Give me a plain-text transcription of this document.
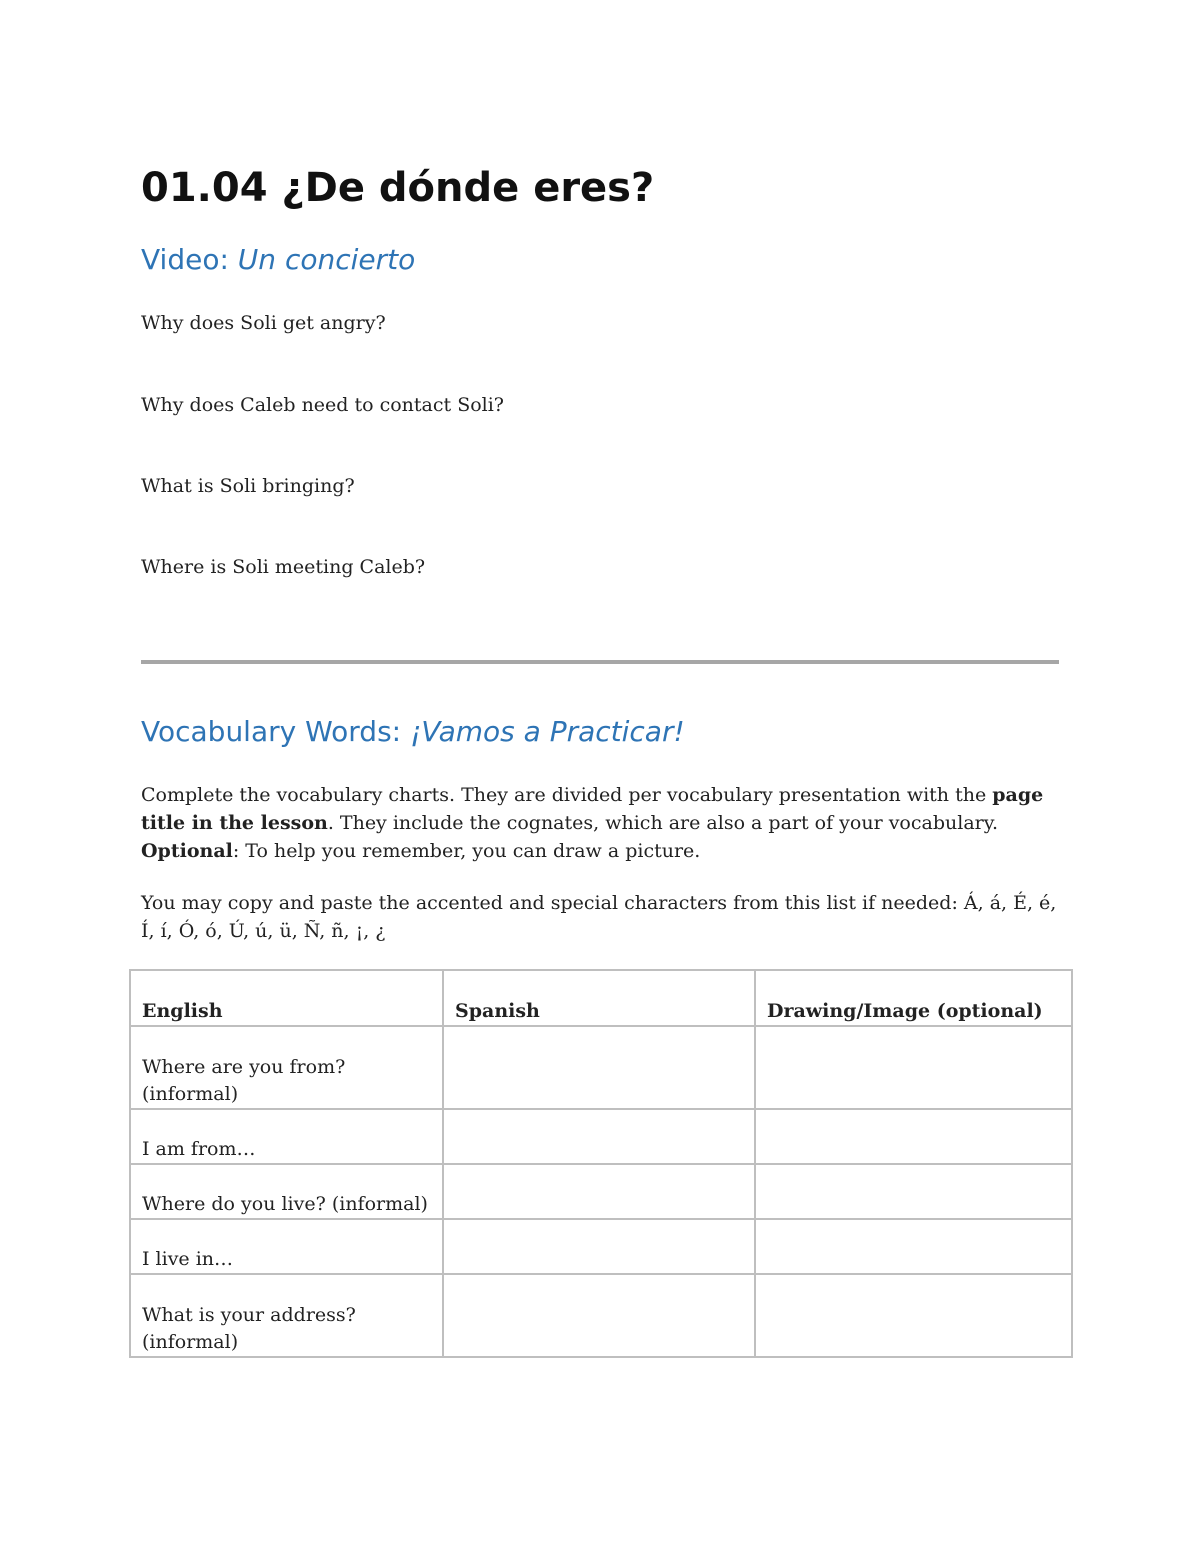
01.04 ¿De dónde eres?
Video: Un concierto

Why does Soli get angry?

Why does Caleb need to contact Soli?

What is Soli bringing?

Where is Soli meeting Caleb?

Vocabulary Words: ¡Vamos a Practicar!

Complete the vocabulary charts. They are divided per vocabulary presentation with the page title in the lesson. They include the cognates, which are also a part of your vocabulary. Optional: To help you remember, you can draw a picture.

You may copy and paste the accented and special characters from this list if needed: Á, á, É, é, Í, í, Ó, ó, Ú, ú, ü, Ñ, ñ, ¡, ¿

English	Spanish	Drawing/Image (optional)
Where are you from? (informal)		
I am from…		
Where do you live? (informal)		
I live in…		
What is your address? (informal)		
